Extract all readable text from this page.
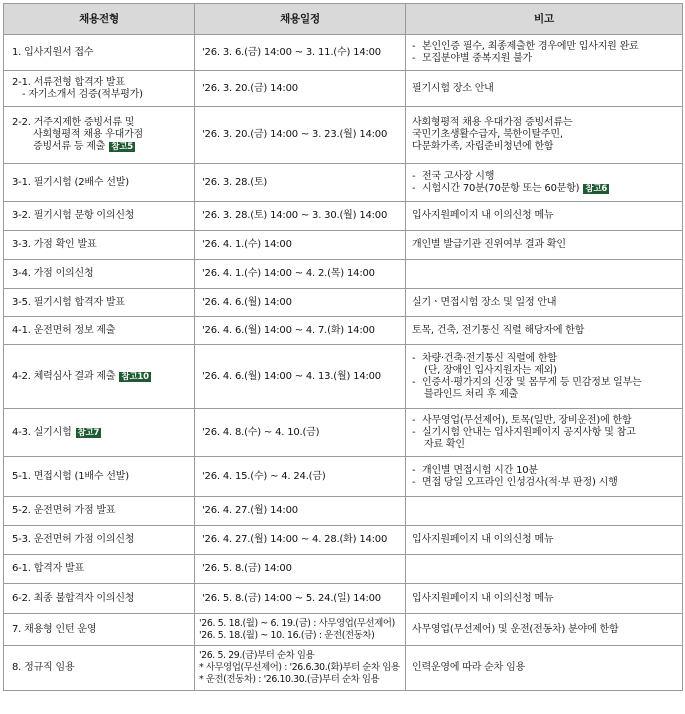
채용전형	채용일정	비고

1. 입사지원서 접수	'26. 3. 6.(금) 14:00 ~ 3. 11.(수) 14:00	- 본인인증 필수, 최종제출한 경우에만 입사지원 완료
- 모집분야별 중복지원 불가

2-1. 서류전형 합격자 발표
- 자기소개서 검증(적부평가)	'26. 3. 20.(금) 14:00	필기시험 장소 안내

2-2. 거주지제한 증빙서류 및
사회형평적 채용 우대가점
증빙서류 등 제출 참고5	'26. 3. 20.(금) 14:00 ~ 3. 23.(월) 14:00	사회형평적 채용 우대가점 증빙서류는
국민기초생활수급자, 북한이탈주민,
다문화가족, 자립준비청년에 한함

3-1. 필기시험 (2배수 선발)	'26. 3. 28.(토)	- 전국 고사장 시행
- 시험시간 70분(70문항 또는 60문항) 참고6

3-2. 필기시험 문항 이의신청	'26. 3. 28.(토) 14:00 ~ 3. 30.(월) 14:00	입사지원페이지 내 이의신청 메뉴

3-3. 가점 확인 발표	'26. 4. 1.(수) 14:00	개인별 발급기관 진위여부 결과 확인

3-4. 가점 이의신청	'26. 4. 1.(수) 14:00 ~ 4. 2.(목) 14:00	

3-5. 필기시험 합격자 발표	'26. 4. 6.(월) 14:00	실기ㆍ면접시험 장소 및 일정 안내

4-1. 운전면허 정보 제출	'26. 4. 6.(월) 14:00 ~ 4. 7.(화) 14:00	토목, 건축, 전기통신 직렬 해당자에 한함

4-2. 체력심사 결과 제출 참고10	'26. 4. 6.(월) 14:00 ~ 4. 13.(월) 14:00	- 차량·건축·전기통신 직렬에 한함
(단, 장애인 입사지원자는 제외)
- 인증서·평가지의 신장 및 몸무게 등 민감정보 일부는
블라인드 처리 후 제출

4-3. 실기시험 참고7	'26. 4. 8.(수) ~ 4. 10.(금)	- 사무영업(무선제어), 토목(일반, 장비운전)에 한함
- 실기시험 안내는 입사지원페이지 공지사항 및 참고
자료 확인

5-1. 면접시험 (1배수 선발)	'26. 4. 15.(수) ~ 4. 24.(금)	- 개인별 면접시험 시간 10분
- 면접 당일 오프라인 인성검사(적·부 판정) 시행

5-2. 운전면허 가점 발표	'26. 4. 27.(월) 14:00	

5-3. 운전면허 가점 이의신청	'26. 4. 27.(월) 14:00 ~ 4. 28.(화) 14:00	입사지원페이지 내 이의신청 메뉴

6-1. 합격자 발표	'26. 5. 8.(금) 14:00	

6-2. 최종 불합격자 이의신청	'26. 5. 8.(금) 14:00 ~ 5. 24.(일) 14:00	입사지원페이지 내 이의신청 메뉴

7. 채용형 인턴 운영	'26. 5. 18.(월) ~ 6. 19.(금) : 사무영업(무선제어)
'26. 5. 18.(월) ~ 10. 16.(금) : 운전(전동차)	사무영업(무선제어) 및 운전(전동차) 분야에 한함

8. 정규직 임용	'26. 5. 29.(금)부터 순차 임용
* 사무영업(무선제어) : '26.6.30.(화)부터 순차 임용
* 운전(전동차) : '26.10.30.(금)부터 순차 임용	인력운영에 따라 순차 임용
